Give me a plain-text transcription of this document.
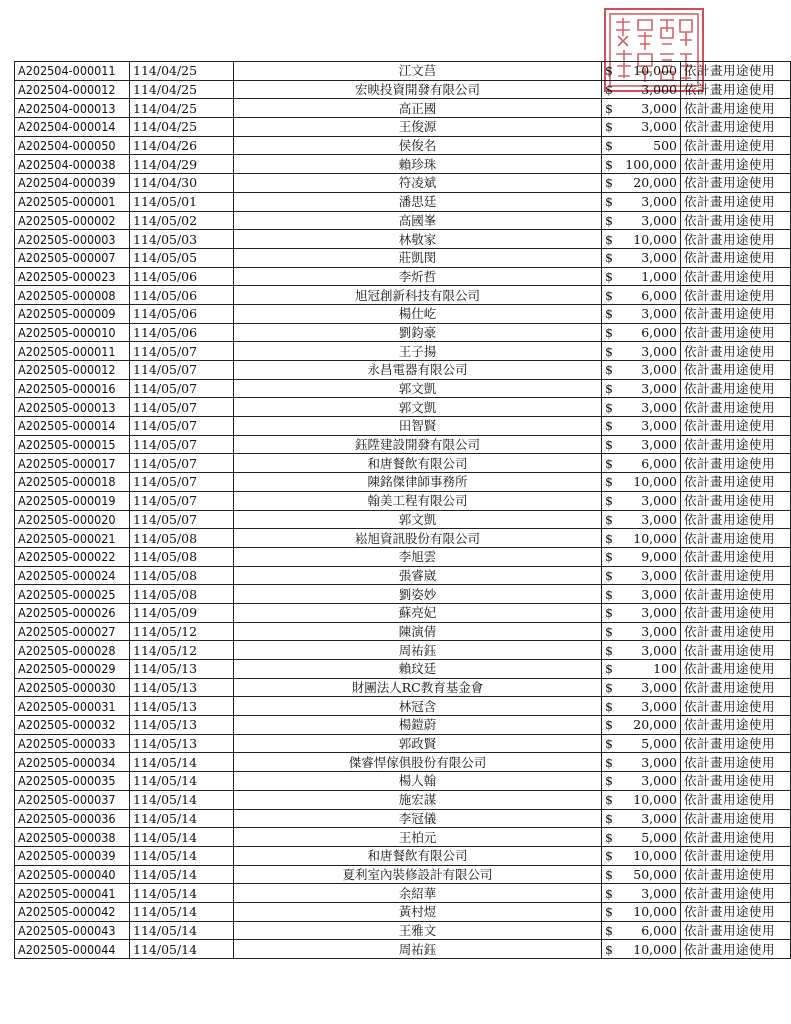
A202504-000011	114/04/25	江文莒	$ 10,000	依計畫用途使用
A202504-000012	114/04/25	宏映投資開發有限公司	$ 3,000	依計畫用途使用
A202504-000013	114/04/25	高正國	$ 3,000	依計畫用途使用
A202504-000014	114/04/25	王俊源	$ 3,000	依計畫用途使用
A202504-000050	114/04/26	侯俊名	$ 500	依計畫用途使用
A202504-000038	114/04/29	賴珍珠	$ 100,000	依計畫用途使用
A202504-000039	114/04/30	符凌斌	$ 20,000	依計畫用途使用
A202505-000001	114/05/01	潘思廷	$ 3,000	依計畫用途使用
A202505-000002	114/05/02	高國峯	$ 3,000	依計畫用途使用
A202505-000003	114/05/03	林敬家	$ 10,000	依計畫用途使用
A202505-000007	114/05/05	莊凱閔	$ 3,000	依計畫用途使用
A202505-000023	114/05/06	李炘哲	$ 1,000	依計畫用途使用
A202505-000008	114/05/06	旭冠創新科技有限公司	$ 6,000	依計畫用途使用
A202505-000009	114/05/06	楊仕屹	$ 3,000	依計畫用途使用
A202505-000010	114/05/06	劉鈞豪	$ 6,000	依計畫用途使用
A202505-000011	114/05/07	王子揚	$ 3,000	依計畫用途使用
A202505-000012	114/05/07	永昌電器有限公司	$ 3,000	依計畫用途使用
A202505-000016	114/05/07	郭文凱	$ 3,000	依計畫用途使用
A202505-000013	114/05/07	郭文凱	$ 3,000	依計畫用途使用
A202505-000014	114/05/07	田智賢	$ 3,000	依計畫用途使用
A202505-000015	114/05/07	鈺陞建設開發有限公司	$ 3,000	依計畫用途使用
A202505-000017	114/05/07	和唐餐飲有限公司	$ 6,000	依計畫用途使用
A202505-000018	114/05/07	陳銘傑律師事務所	$ 10,000	依計畫用途使用
A202505-000019	114/05/07	翰美工程有限公司	$ 3,000	依計畫用途使用
A202505-000020	114/05/07	郭文凱	$ 3,000	依計畫用途使用
A202505-000021	114/05/08	崧旭資訊股份有限公司	$ 10,000	依計畫用途使用
A202505-000022	114/05/08	李旭雲	$ 9,000	依計畫用途使用
A202505-000024	114/05/08	張睿崴	$ 3,000	依計畫用途使用
A202505-000025	114/05/08	劉姿妙	$ 3,000	依計畫用途使用
A202505-000026	114/05/09	蘇亮妃	$ 3,000	依計畫用途使用
A202505-000027	114/05/12	陳演倩	$ 3,000	依計畫用途使用
A202505-000028	114/05/12	周祐鈺	$ 3,000	依計畫用途使用
A202505-000029	114/05/13	賴玟廷	$ 100	依計畫用途使用
A202505-000030	114/05/13	財團法人RC教育基金會	$ 3,000	依計畫用途使用
A202505-000031	114/05/13	林冠含	$ 3,000	依計畫用途使用
A202505-000032	114/05/13	楊鎧蔚	$ 20,000	依計畫用途使用
A202505-000033	114/05/13	郭政賢	$ 5,000	依計畫用途使用
A202505-000034	114/05/14	傑睿悍傢俱股份有限公司	$ 3,000	依計畫用途使用
A202505-000035	114/05/14	楊人翰	$ 3,000	依計畫用途使用
A202505-000037	114/05/14	施宏謀	$ 10,000	依計畫用途使用
A202505-000036	114/05/14	李冠儀	$ 3,000	依計畫用途使用
A202505-000038	114/05/14	王柏元	$ 5,000	依計畫用途使用
A202505-000039	114/05/14	和唐餐飲有限公司	$ 10,000	依計畫用途使用
A202505-000040	114/05/14	夏利室內裝修設計有限公司	$ 50,000	依計畫用途使用
A202505-000041	114/05/14	余紹華	$ 3,000	依計畫用途使用
A202505-000042	114/05/14	黃村煜	$ 10,000	依計畫用途使用
A202505-000043	114/05/14	王雅文	$ 6,000	依計畫用途使用
A202505-000044	114/05/14	周祐鈺	$ 10,000	依計畫用途使用
